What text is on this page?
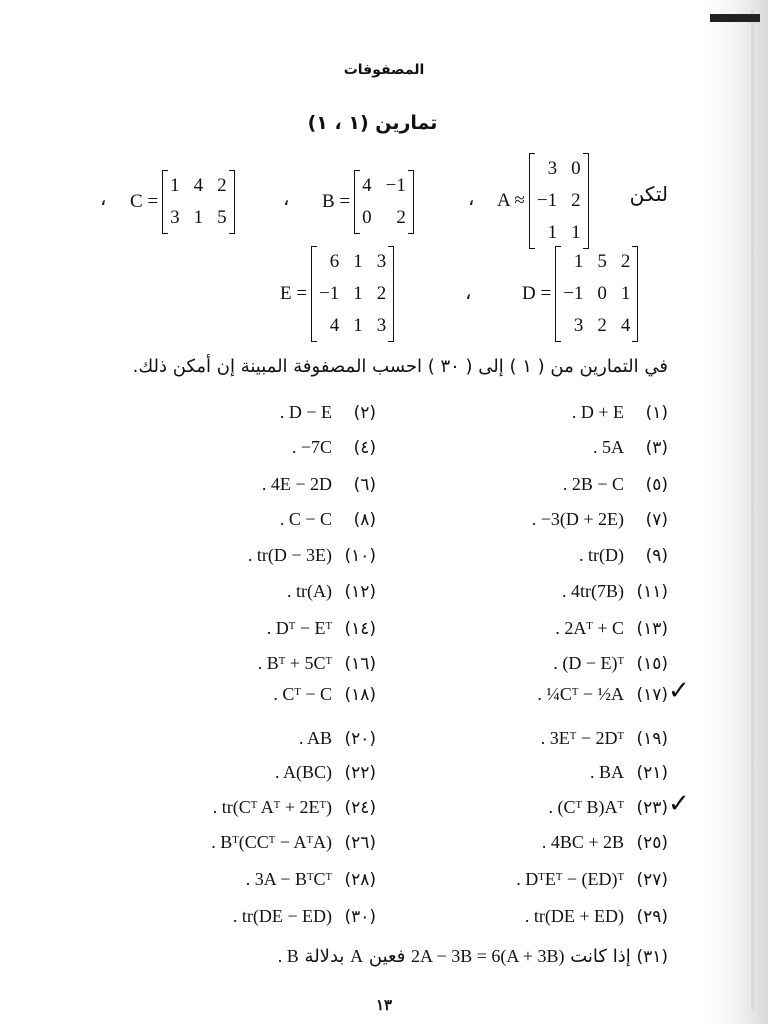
المصفوفات
تمارين (١ ، ١)
لتكن
A ≈
3	0
−1	2
1	1
،
B =
4	−1
0	2
،
C =
1	4	2
3	1	5
،
D =
1	5	2
−1	0	1
3	2	4
،
E =
6	1	3
−1	1	2
4	1	3
في التمارين من ( ١ ) إلى ( ٣٠ ) احسب المصفوفة المبينة إن أمكن ذلك.
(١)
. D + E
(٢)
. D − E
(٣)
. 5A
(٤)
. −7C
(٥)
. 2B − C
(٦)
. 4E − 2D
(٧)
. −3(D + 2E)
(٨)
. C − C
(٩)
. tr(D)
(١٠)
. tr(D − 3E)
(١١)
. 4tr(7B)
(١٢)
. tr(A)
(١٣)
. 2Aᵀ + C
(١٤)
. Dᵀ − Eᵀ
(١٥)
. (D − E)ᵀ
(١٦)
. Bᵀ + 5Cᵀ
(١٧)
. ¼Cᵀ − ½A
(١٨)
. Cᵀ − C
(١٩)
. 3Eᵀ − 2Dᵀ
(٢٠)
. AB
(٢١)
. BA
(٢٢)
. A(BC)
(٢٣)
. (Cᵀ B)Aᵀ
(٢٤)
. tr(Cᵀ Aᵀ + 2Eᵀ)
(٢٥)
. 4BC + 2B
(٢٦)
. Bᵀ(CCᵀ − AᵀA)
(٢٧)
. DᵀEᵀ − (ED)ᵀ
(٢٨)
. 3A − BᵀCᵀ
(٢٩)
. tr(DE + ED)
(٣٠)
. tr(DE − ED)
✓
✓
(٣١) إذا كانت 2A − 3B = 6(A + 3B) فعين A بدلالة . B
١٣
